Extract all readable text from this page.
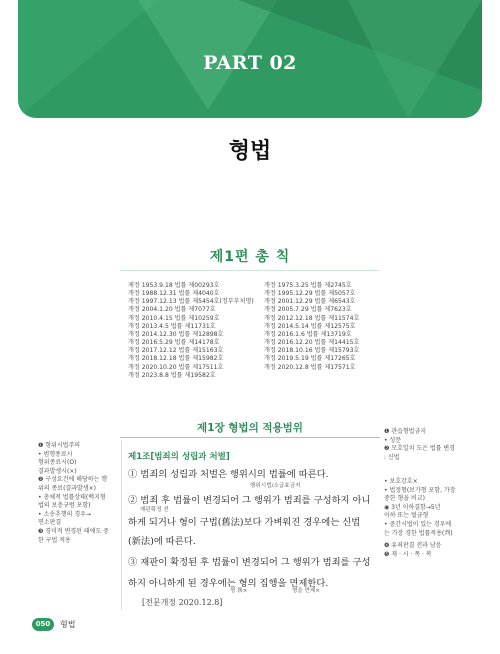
PART 02
형법
제1편 총 칙
제정 1953.9.18 법률 제00293호
개정 1988.12.31 법률 제4040호
개정 1997.12.13 법률 제5454호(정부부처명)
개정 2004.1.20 법률 제7077호
개정 2010.4.15 법률 제10259호
개정 2013.4.5 법률 제11731호
개정 2014.12.30 법률 제12898호
개정 2016.5.29 법률 제14178호
개정 2017.12.12 법률 제15163호
개정 2018.12.18 법률 제15982호
개정 2020.10.20 법률 제17511호
개정 2023.8.8 법률 제19582호
개정 1975.3.25 법률 제2745호
개정 1995.12.29 법률 제5057호
개정 2001.12.29 법률 제6543호
개정 2005.7.29 법률 제7623호
개정 2012.12.18 법률 제11574호
개정 2014.5.14 법률 제12575호
개정 2016.1.6 법률 제13719호
개정 2016.12.20 법률 제14415호
개정 2018.10.16 법률 제15793호
개정 2019.5.19 법률 제17265호
개정 2020.12.8 법률 제17571호
제1장 형법의 적용범위
제1조[범죄의 성립과 처벌]
① 범죄의 성립과 처벌은 행위시의 법률에 따른다.
행위시법/소급효금지
② 범죄 후 법률이 변경되어 그 행위가 범죄를 구성하지 아니
재판확정 전
하게 되거나 형이 구법(舊法)보다 가벼워진 경우에는 신법
(新法)에 따른다.
③ 재판이 확정된 후 법률이 변경되어 그 행위가 범죄를 구성
하지 아니하게 된 경우에는 형의 집행을 면제한다.
형 執×	형을 면제×
[전문개정 2020.12.8]
❶ 형위시법주의
• 범행종료시
형위종료시(O)
결과발생시(×)
❷ 구성요건에 해당하는 행
위의 종료(결과발생×)
• 총체적 법률상태(백지형
법의 보충규범 포함)
• 소송추행의 경우→
면소판결
❸ 경미적 변경된 태에도 중
한 구법 적용
❶ 관습형법금지
• 성문
❷ 모호일치 도은 법률 변경
: 신법
• 보호감호×
• 법정형(보가형 포함, 가장
중한 형을 비교)
◉ 3년 이하결함→5년
이하 또는 벌금형
• 중간시법이 있는 경우에
는 가장 경한 법률적용(判)
❹ 유죄판결 전과 남음
❺ 재 · 시 · 폭 · 복
050	형법
